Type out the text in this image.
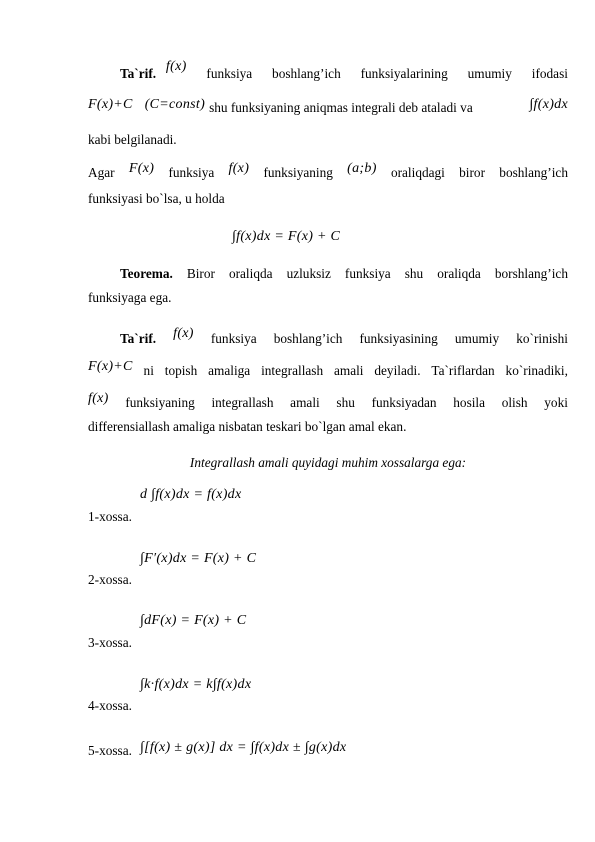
Ta`rif. f(x) funksiya boshlang’ich funksiyalarining umumiy ifodasi
F(x)+C (C=const) shu funksiyaning aniqmas integrali deb ataladi va	∫f(x)dx
kabi belgilanadi.
Agar F(x) funksiya f(x) funksiyaning (a;b) oraliqdagi biror boshlang’ich
funksiyasi bo`lsa, u holda
∫f(x)dx = F(x) + C
Teorema. Biror oraliqda uzluksiz funksiya shu oraliqda borshlang’ich
funksiyaga ega.
Ta`rif. f(x) funksiya boshlang’ich funksiyasining umumiy ko`rinishi
F(x)+C ni topish amaliga integrallash amali deyiladi. Ta`riflardan ko`rinadiki,
f(x) funksiyaning integrallash amali shu funksiyadan hosila olish yoki
differensiallash amaliga nisbatan teskari bo`lgan amal ekan.
Integrallash amali quyidagi muhim xossalarga ega:
d ∫f(x)dx = f(x)dx
1-xossa.
∫F′(x)dx = F(x) + C
2-xossa.
∫dF(x) = F(x) + C
3-xossa.
∫k·f(x)dx = k∫f(x)dx
4-xossa.
∫[f(x) ± g(x)] dx = ∫f(x)dx ± ∫g(x)dx
5-xossa.
